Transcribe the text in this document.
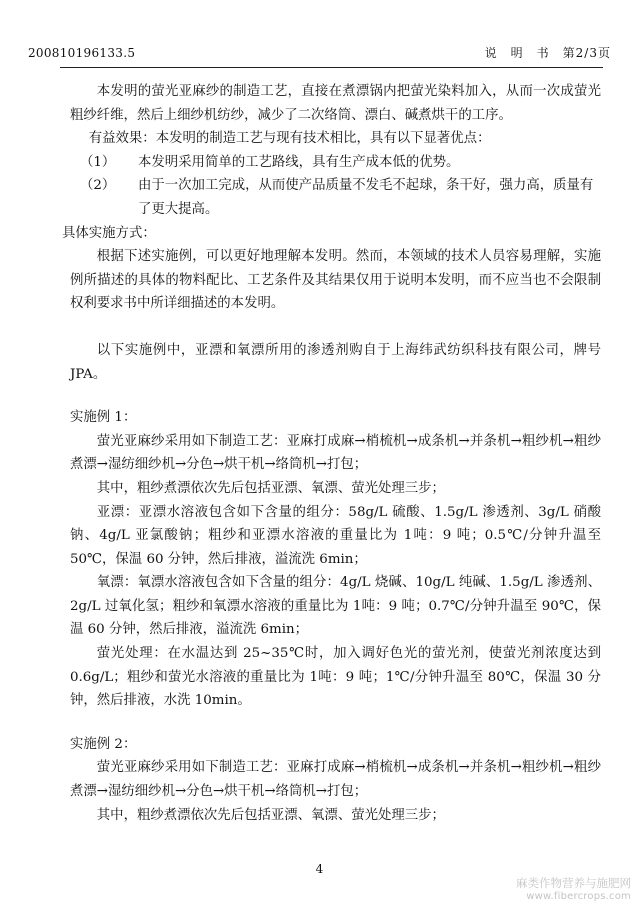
200810196133.5	说　明　书　第2/3页

本发明的萤光亚麻纱的制造工艺，直接在煮漂锅内把萤光染料加入，从而一次成萤光粗纱纤维，然后上细纱机纺纱，减少了二次络筒、漂白、碱煮烘干的工序。

有益效果：本发明的制造工艺与现有技术相比，具有以下显著优点：

（1）	本发明采用简单的工艺路线，具有生产成本低的优势。
（2）	由于一次加工完成，从而使产品质量不发毛不起球，条干好，强力高，质量有了更大提高。

具体实施方式：

根据下述实施例，可以更好地理解本发明。然而，本领域的技术人员容易理解，实施例所描述的具体的物料配比、工艺条件及其结果仅用于说明本发明，而不应当也不会限制权利要求书中所详细描述的本发明。

以下实施例中，亚漂和氧漂所用的渗透剂购自于上海纬武纺织科技有限公司，牌号JPA。

实施例 1：

萤光亚麻纱采用如下制造工艺：亚麻打成麻→梢梳机→成条机→并条机→粗纱机→粗纱煮漂→湿纺细纱机→分色→烘干机→络筒机→打包；

其中，粗纱煮漂依次先后包括亚漂、氧漂、萤光处理三步；

亚漂：亚漂水溶液包含如下含量的组分：58g/L 硫酸、1.5g/L 渗透剂、3g/L 硝酸钠、4g/L 亚氯酸钠；粗纱和亚漂水溶液的重量比为 1吨：9 吨；0.5℃/分钟升温至 50℃，保温 60 分钟，然后排液，溢流洗 6min；

氧漂：氧漂水溶液包含如下含量的组分：4g/L 烧碱、10g/L 纯碱、1.5g/L 渗透剂、2g/L 过氧化氢；粗纱和氧漂水溶液的重量比为 1吨：9 吨；0.7℃/分钟升温至 90℃，保温 60 分钟，然后排液，溢流洗 6min；

萤光处理：在水温达到 25~35℃时，加入调好色光的萤光剂，使萤光剂浓度达到0.6g/L；粗纱和萤光水溶液的重量比为 1吨：9 吨；1℃/分钟升温至 80℃，保温 30 分钟，然后排液，水洗 10min。

实施例 2：

萤光亚麻纱采用如下制造工艺：亚麻打成麻→梢梳机→成条机→并条机→粗纱机→粗纱煮漂→湿纺细纱机→分色→烘干机→络筒机→打包；

其中，粗纱煮漂依次先后包括亚漂、氧漂、萤光处理三步；

4
麻类作物营养与施肥网
www.fibercrops.com
